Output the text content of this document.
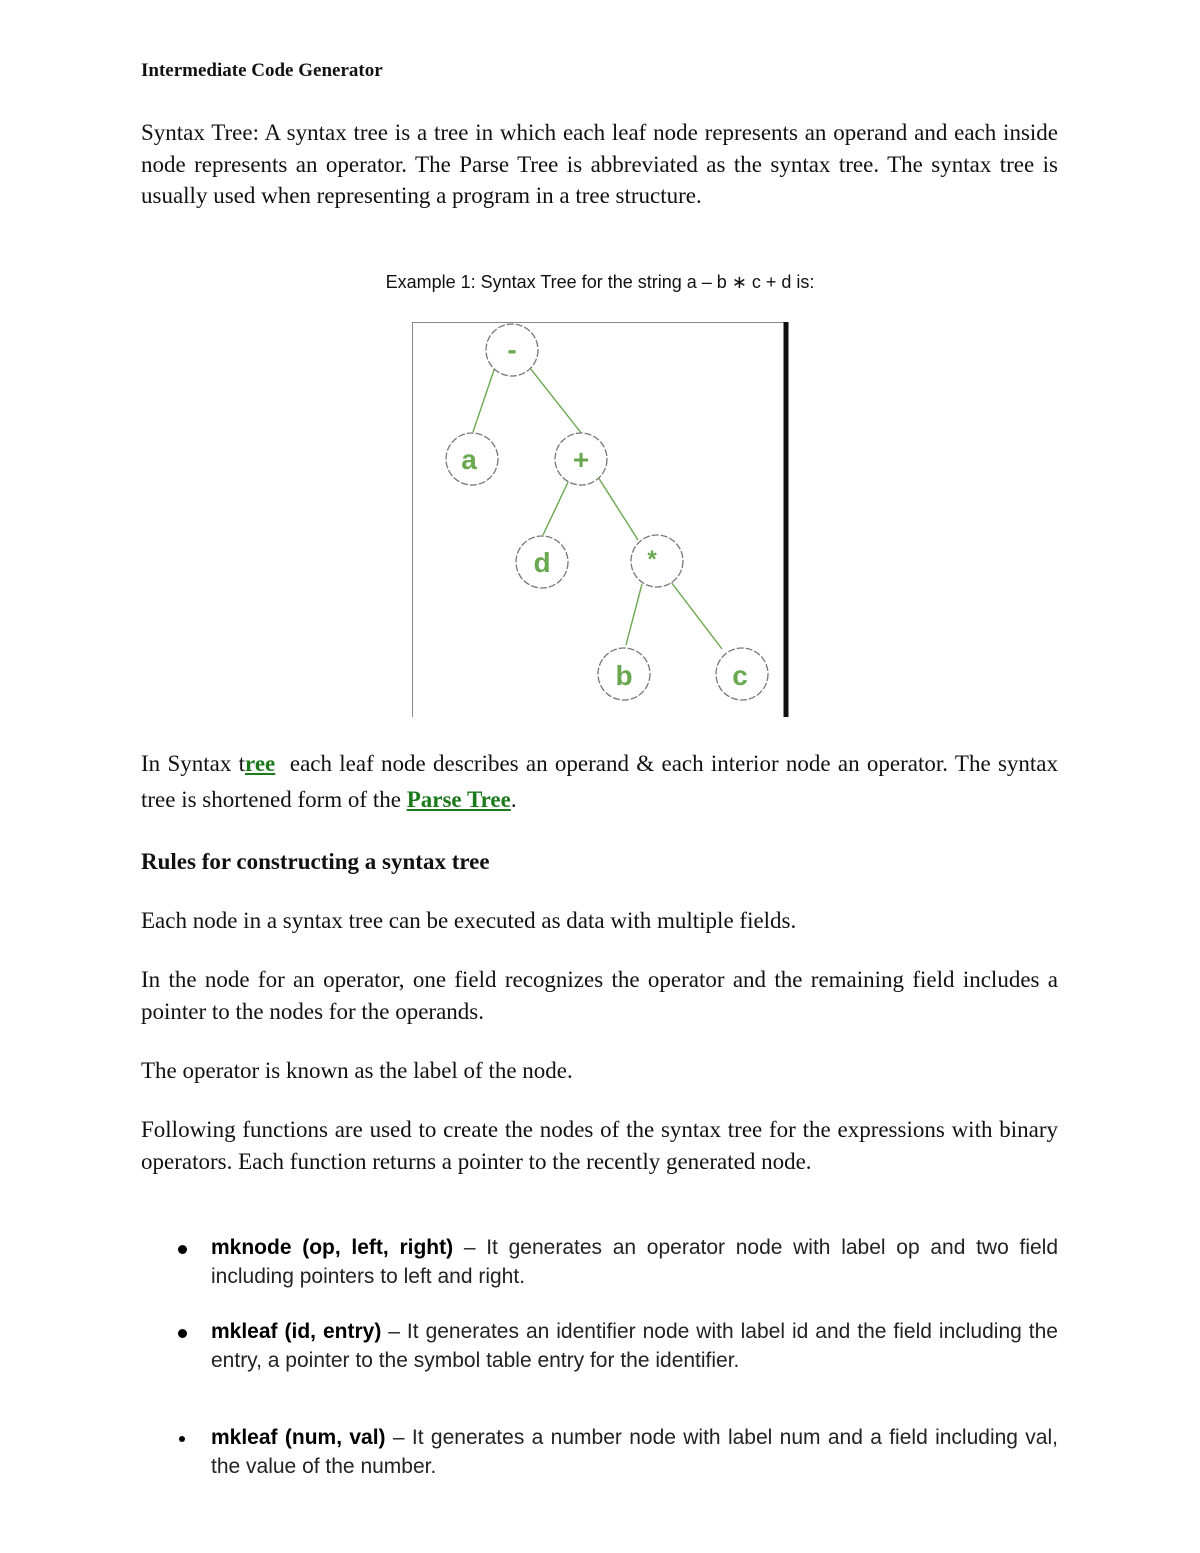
Intermediate Code Generator

Syntax Tree: A syntax tree is a tree in which each leaf node represents an operand and each inside node represents an operator. The Parse Tree is abbreviated as the syntax tree. The syntax tree is usually used when representing a program in a tree structure.

Example 1: Syntax Tree for the string a – b ∗ c + d is:
-
a	+
d	*
b	c

In Syntax tree  each leaf node describes an operand & each interior node an operator. The syntax tree is shortened form of the Parse Tree.

Rules for constructing a syntax tree

Each node in a syntax tree can be executed as data with multiple fields.

In the node for an operator, one field recognizes the operator and the remaining field includes a pointer to the nodes for the operands.

The operator is known as the label of the node.

Following functions are used to create the nodes of the syntax tree for the expressions with binary operators. Each function returns a pointer to the recently generated node.

mknode (op, left, right) – It generates an operator node with label op and two field including pointers to left and right.
mkleaf (id, entry) – It generates an identifier node with label id and the field including the entry, a pointer to the symbol table entry for the identifier.
mkleaf (num, val) – It generates a number node with label num and a field including val, the value of the number.
